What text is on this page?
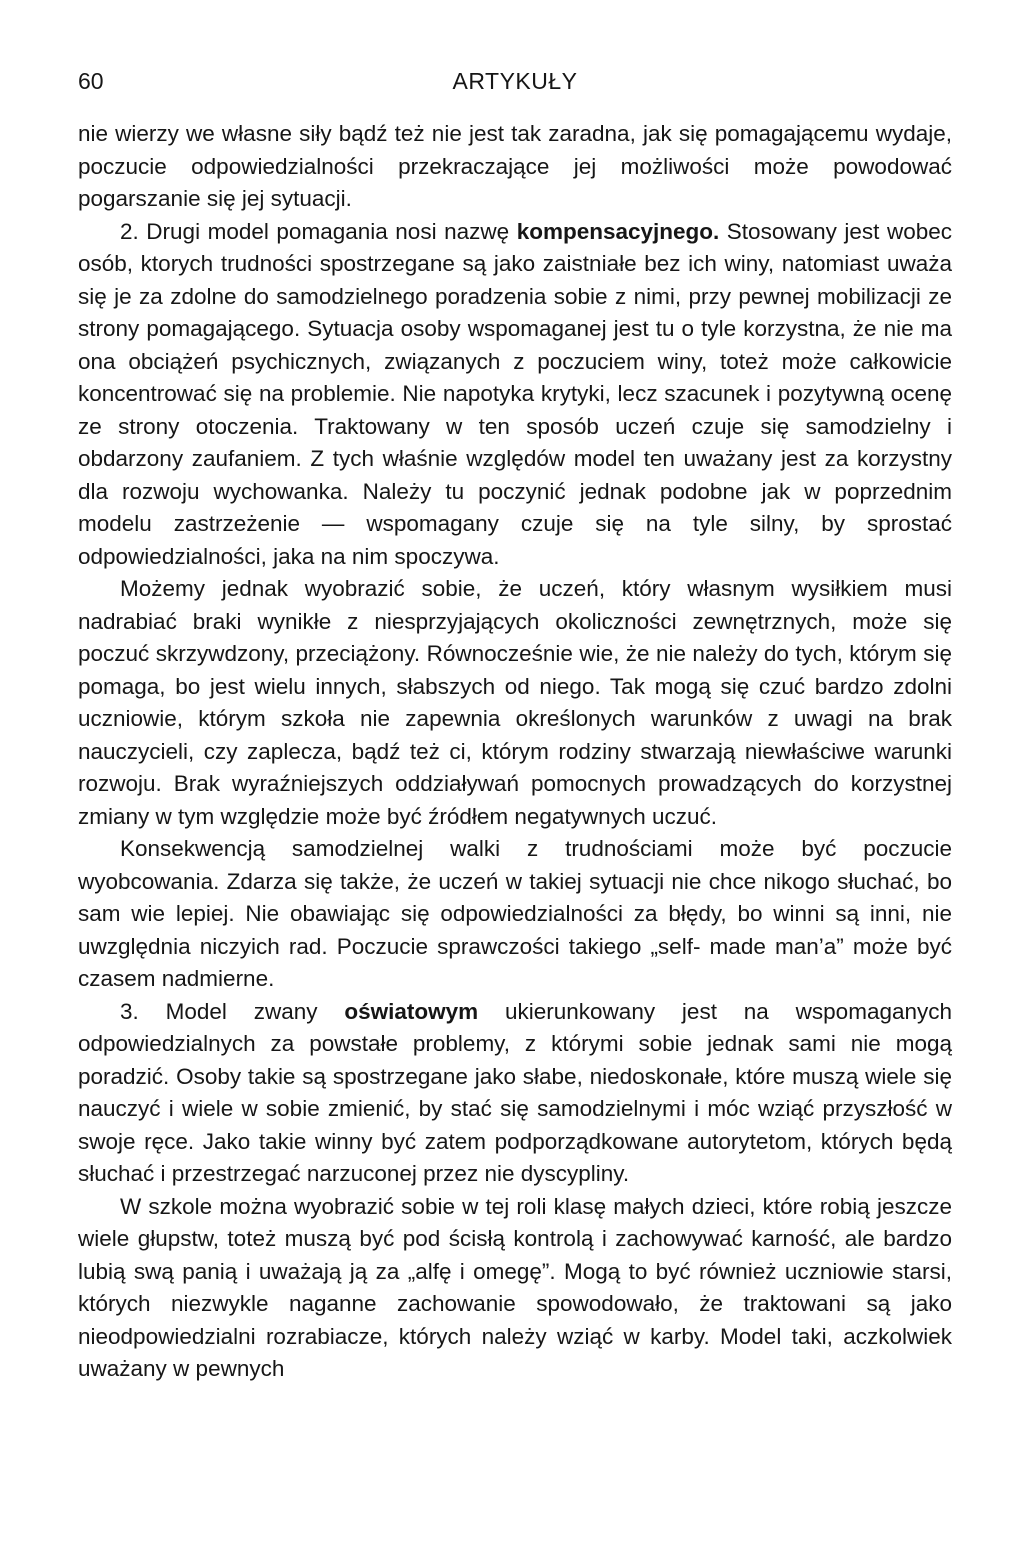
ARTYKUŁY
60

nie wierzy we własne siły bądź też nie jest tak zaradna, jak się pomagającemu wydaje, poczucie odpowiedzialności przekraczające jej możliwości może powodować pogarszanie się jej sytuacji.

2. Drugi model pomagania nosi nazwę kompensacyjnego. Stosowany jest wobec osób, ktorych trudności spostrzegane są jako zaistniałe bez ich winy, natomiast uważa się je za zdolne do samodzielnego poradzenia sobie z nimi, przy pewnej mobilizacji ze strony pomagającego. Sytuacja osoby wspomaganej jest tu o tyle korzystna, że nie ma ona obciążeń psychicznych, związanych z poczuciem winy, toteż może całkowicie koncentrować się na problemie. Nie napotyka krytyki, lecz szacunek i pozytywną ocenę ze strony otoczenia. Traktowany w ten sposób uczeń czuje się samodzielny i obdarzony zaufaniem. Z tych właśnie względów model ten uważany jest za korzystny dla rozwoju wychowanka. Należy tu poczynić jednak podobne jak w poprzednim modelu zastrzeżenie — wspomagany czuje się na tyle silny, by sprostać odpowiedzialności, jaka na nim spoczywa.

Możemy jednak wyobrazić sobie, że uczeń, który własnym wysiłkiem musi nadrabiać braki wynikłe z niesprzyjających okoliczności zewnętrznych, może się poczuć skrzywdzony, przeciążony. Równocześnie wie, że nie należy do tych, którym się pomaga, bo jest wielu innych, słabszych od niego. Tak mogą się czuć bardzo zdolni uczniowie, którym szkoła nie zapewnia określonych warunków z uwagi na brak nauczycieli, czy zaplecza, bądź też ci, którym rodziny stwarzają niewłaściwe warunki rozwoju. Brak wyraźniejszych oddziaływań pomocnych prowadzących do korzystnej zmiany w tym względzie może być źródłem negatywnych uczuć.

Konsekwencją samodzielnej walki z trudnościami może być poczucie wyobcowania. Zdarza się także, że uczeń w takiej sytuacji nie chce nikogo słuchać, bo sam wie lepiej. Nie obawiając się odpowiedzialności za błędy, bo winni są inni, nie uwzględnia niczyich rad. Poczucie sprawczości takiego „self- made man’a” może być czasem nadmierne.

3. Model zwany oświatowym ukierunkowany jest na wspomaganych odpowiedzialnych za powstałe problemy, z którymi sobie jednak sami nie mogą poradzić. Osoby takie są spostrzegane jako słabe, niedoskonałe, które muszą wiele się nauczyć i wiele w sobie zmienić, by stać się samodzielnymi i móc wziąć przyszłość w swoje ręce. Jako takie winny być zatem podporządkowane autorytetom, których będą słuchać i przestrzegać narzuconej przez nie dyscypliny.

W szkole można wyobrazić sobie w tej roli klasę małych dzieci, które robią jeszcze wiele głupstw, toteż muszą być pod ścisłą kontrolą i zachowywać karność, ale bardzo lubią swą panią i uważają ją za „alfę i omegę”. Mogą to być również uczniowie starsi, których niezwykle naganne zachowanie spowodowało, że traktowani są jako nieodpowiedzialni rozrabiacze, których należy wziąć w karby. Model taki, aczkolwiek uważany w pewnych
